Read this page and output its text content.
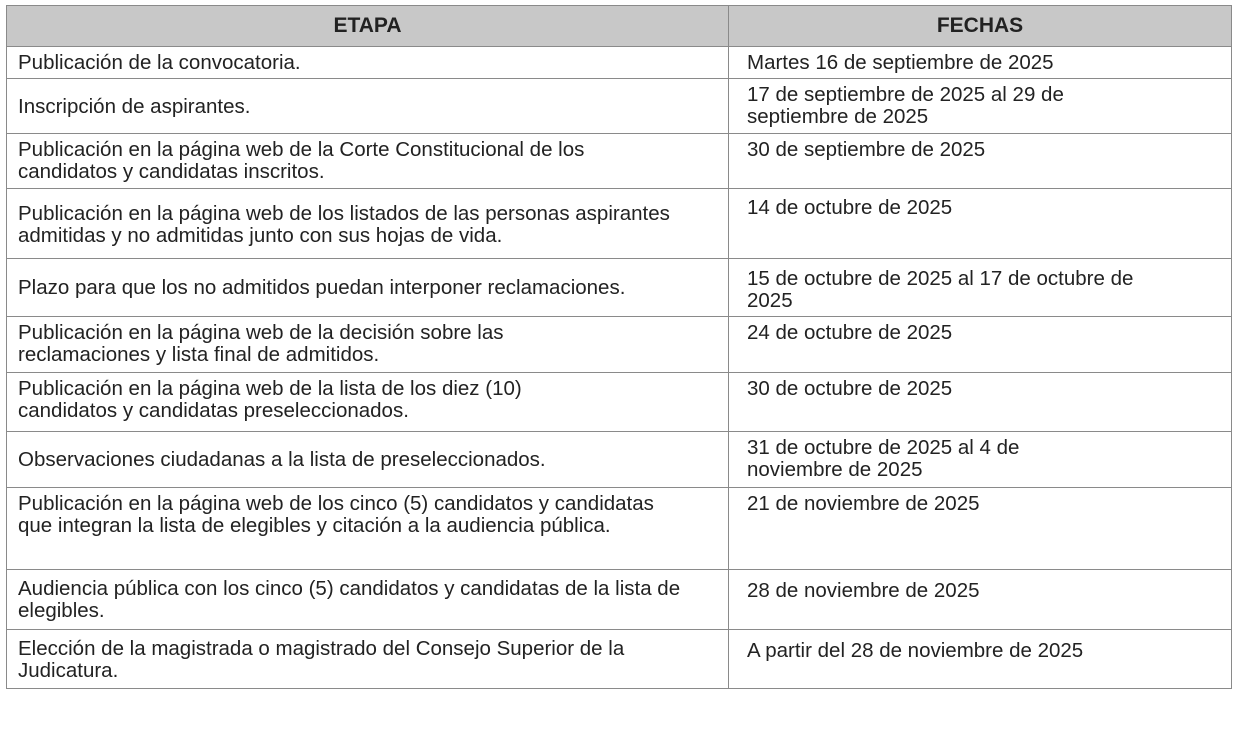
ETAPA	FECHAS
Publicación de la convocatoria.	Martes 16 de septiembre de 2025
Inscripción de aspirantes.	17 de septiembre de 2025 al 29 de septiembre de 2025
Publicación en la página web de la Corte Constitucional de los candidatos y candidatas inscritos.	30 de septiembre de 2025
Publicación en la página web de los listados de las personas aspirantes admitidas y no admitidas junto con sus hojas de vida.	14 de octubre de 2025
Plazo para que los no admitidos puedan interponer reclamaciones.	15 de octubre de 2025 al 17 de octubre de 2025
Publicación en la página web de la decisión sobre las reclamaciones y lista final de admitidos.	24 de octubre de 2025
Publicación en la página web de la lista de los diez (10) candidatos y candidatas preseleccionados.	30 de octubre de 2025
Observaciones ciudadanas a la lista de preseleccionados.	31 de octubre de 2025 al 4 de noviembre de 2025
Publicación en la página web de los cinco (5) candidatos y candidatas que integran la lista de elegibles y citación a la audiencia pública.	21 de noviembre de 2025
Audiencia pública con los cinco (5) candidatos y candidatas de la lista de elegibles.	28 de noviembre de 2025
Elección de la magistrada o magistrado del Consejo Superior de la Judicatura.	A partir del 28 de noviembre de 2025
